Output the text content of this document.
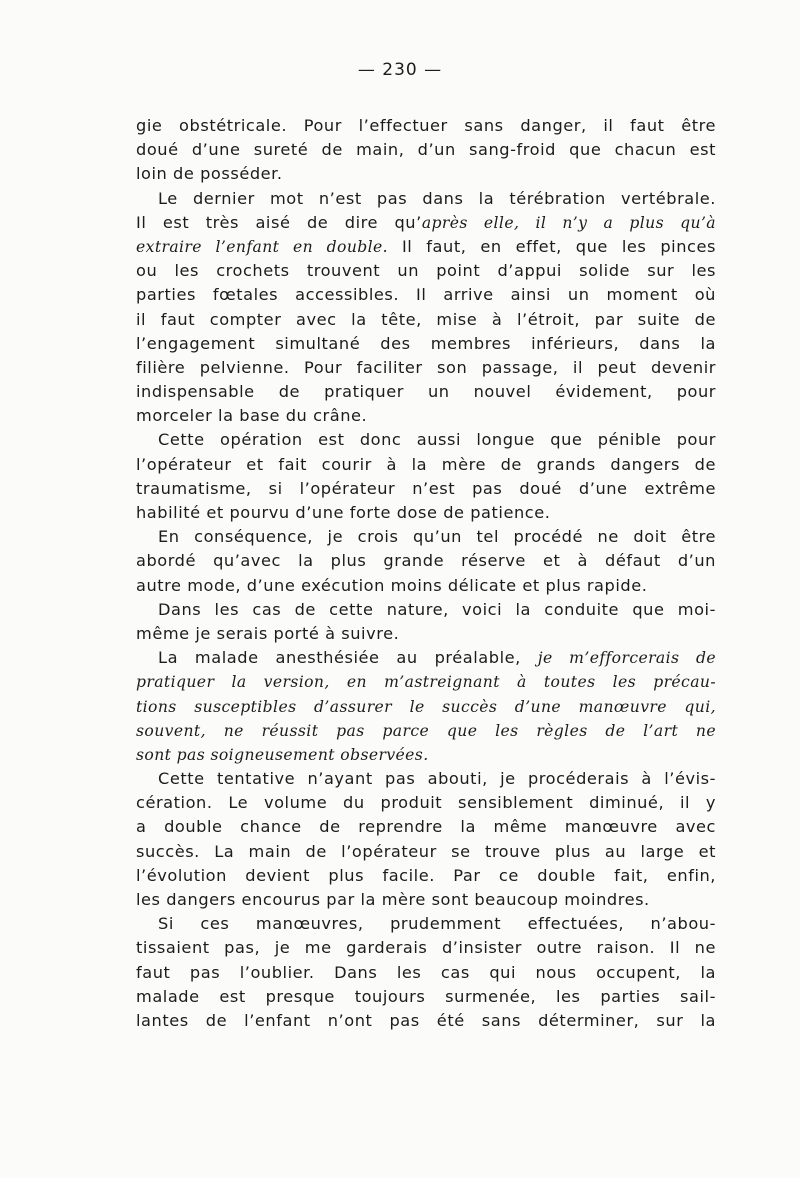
— 230 —
gie obstétricale. Pour l’effectuer sans danger, il faut être
doué d’une sureté de main, d’un sang-froid que chacun est
loin de posséder.
Le dernier mot n’est pas dans la térébration vertébrale.
Il est très aisé de dire qu’après elle, il n’y a plus qu’à
extraire l’enfant en double. Il faut, en effet, que les pinces
ou les crochets trouvent un point d’appui solide sur les
parties fœtales accessibles. Il arrive ainsi un moment où
il faut compter avec la tête, mise à l’étroit, par suite de
l’engagement simultané des membres inférieurs, dans la
filière pelvienne. Pour faciliter son passage, il peut devenir
indispensable de pratiquer un nouvel évidement, pour
morceler la base du crâne.
Cette opération est donc aussi longue que pénible pour
l’opérateur et fait courir à la mère de grands dangers de
traumatisme, si l’opérateur n’est pas doué d’une extrême
habilité et pourvu d’une forte dose de patience.
En conséquence, je crois qu’un tel procédé ne doit être
abordé qu’avec la plus grande réserve et à défaut d’un
autre mode, d’une exécution moins délicate et plus rapide.
Dans les cas de cette nature, voici la conduite que moi-
même je serais porté à suivre.
La malade anesthésiée au préalable, je m’efforcerais de
pratiquer la version, en m’astreignant à toutes les précau-
tions susceptibles d’assurer le succès d’une manœuvre qui,
souvent, ne réussit pas parce que les règles de l’art ne
sont pas soigneusement observées.
Cette tentative n’ayant pas abouti, je procéderais à l’évis-
cération. Le volume du produit sensiblement diminué, il y
a double chance de reprendre la même manœuvre avec
succès. La main de l’opérateur se trouve plus au large et
l’évolution devient plus facile. Par ce double fait, enfin,
les dangers encourus par la mère sont beaucoup moindres.
Si ces manœuvres, prudemment effectuées, n’abou-
tissaient pas, je me garderais d’insister outre raison. Il ne
faut pas l’oublier. Dans les cas qui nous occupent, la
malade est presque toujours surmenée, les parties sail-
lantes de l’enfant n’ont pas été sans déterminer, sur la
